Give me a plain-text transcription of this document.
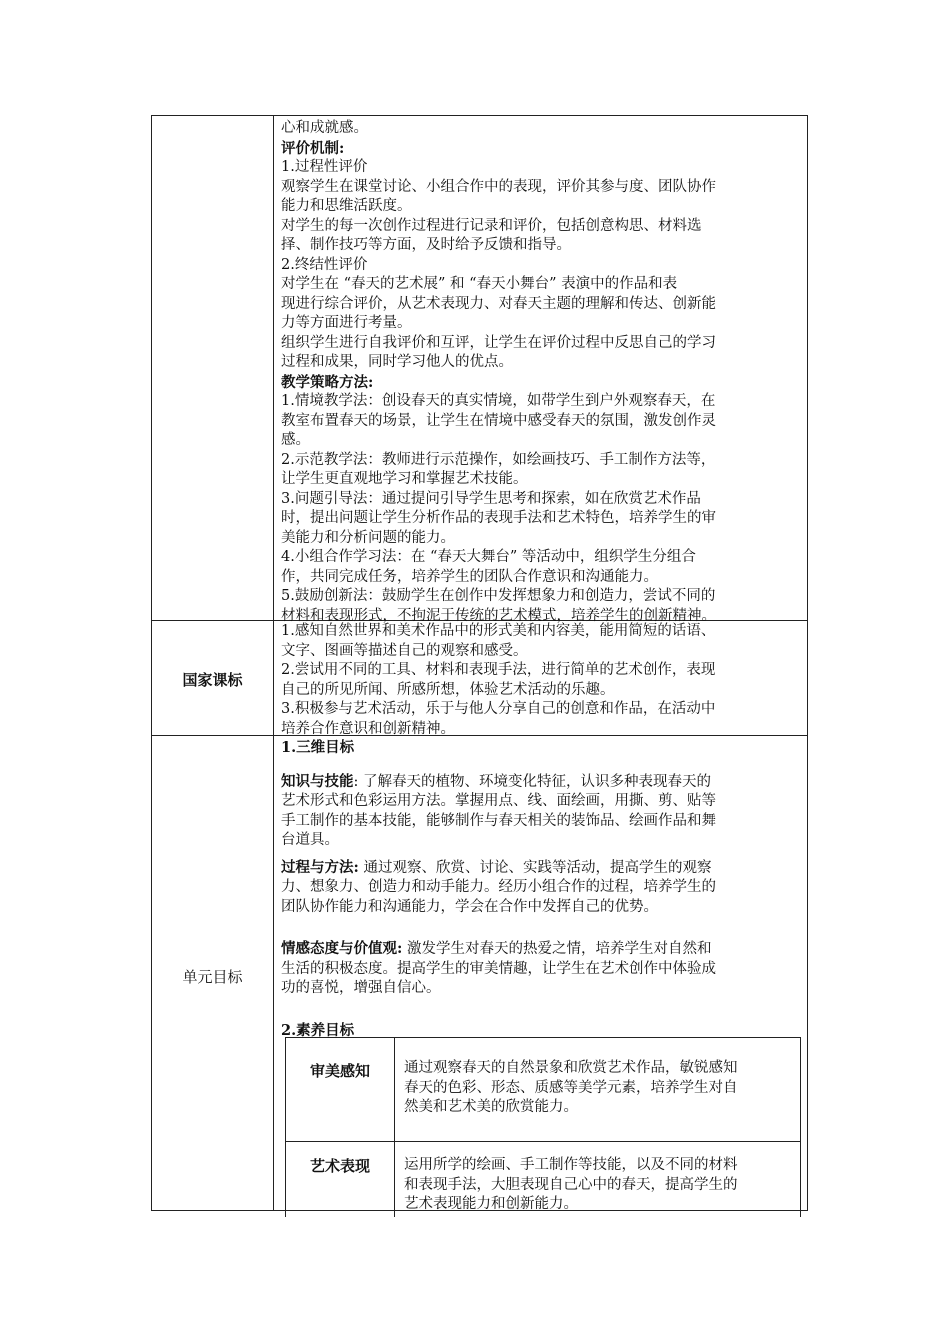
心和成就感。

评价机制:

1.过程性评价

观察学生在课堂讨论、小组合作中的表现，评价其参与度、团队协作

能力和思维活跃度。

对学生的每一次创作过程进行记录和评价，包括创意构思、材料选

择、制作技巧等方面，及时给予反馈和指导。

2.终结性评价

对学生在 “春天的艺术展” 和 “春天小舞台” 表演中的作品和表

现进行综合评价，从艺术表现力、对春天主题的理解和传达、创新能

力等方面进行考量。

组织学生进行自我评价和互评，让学生在评价过程中反思自己的学习

过程和成果，同时学习他人的优点。

教学策略方法:

1.情境教学法：创设春天的真实情境，如带学生到户外观察春天，在

教室布置春天的场景，让学生在情境中感受春天的氛围，激发创作灵

感。

2.示范教学法：教师进行示范操作，如绘画技巧、手工制作方法等，

让学生更直观地学习和掌握艺术技能。

3.问题引导法：通过提问引导学生思考和探索，如在欣赏艺术作品

时，提出问题让学生分析作品的表现手法和艺术特色，培养学生的审

美能力和分析问题的能力。

4.小组合作学习法：在 “春天大舞台” 等活动中，组织学生分组合

作，共同完成任务，培养学生的团队合作意识和沟通能力。

5.鼓励创新法：鼓励学生在创作中发挥想象力和创造力，尝试不同的

材料和表现形式，不拘泥于传统的艺术模式，培养学生的创新精神。

国家课标

1.感知自然世界和美术作品中的形式美和内容美，能用简短的话语、

文字、图画等描述自己的观察和感受。

2.尝试用不同的工具、材料和表现手法，进行简单的艺术创作，表现

自己的所见所闻、所感所想，体验艺术活动的乐趣。

3.积极参与艺术活动，乐于与他人分享自己的创意和作品，在活动中

培养合作意识和创新精神。

单元目标

1.三维目标

知识与技能: 了解春天的植物、环境变化特征，认识多种表现春天的

艺术形式和色彩运用方法。掌握用点、线、面绘画，用撕、剪、贴等

手工制作的基本技能，能够制作与春天相关的装饰品、绘画作品和舞

台道具。

过程与方法: 通过观察、欣赏、讨论、实践等活动，提高学生的观察

力、想象力、创造力和动手能力。经历小组合作的过程，培养学生的

团队协作能力和沟通能力，学会在合作中发挥自己的优势。

情感态度与价值观: 激发学生对春天的热爱之情，培养学生对自然和

生活的积极态度。提高学生的审美情趣，让学生在艺术创作中体验成

功的喜悦，增强自信心。

2.素养目标

审美感知	通过观察春天的自然景象和欣赏艺术作品，敏锐感知

春天的色彩、形态、质感等美学元素，培养学生对自

然美和艺术美的欣赏能力。

艺术表现	运用所学的绘画、手工制作等技能，以及不同的材料

和表现手法，大胆表现自己心中的春天，提高学生的

艺术表现能力和创新能力。
